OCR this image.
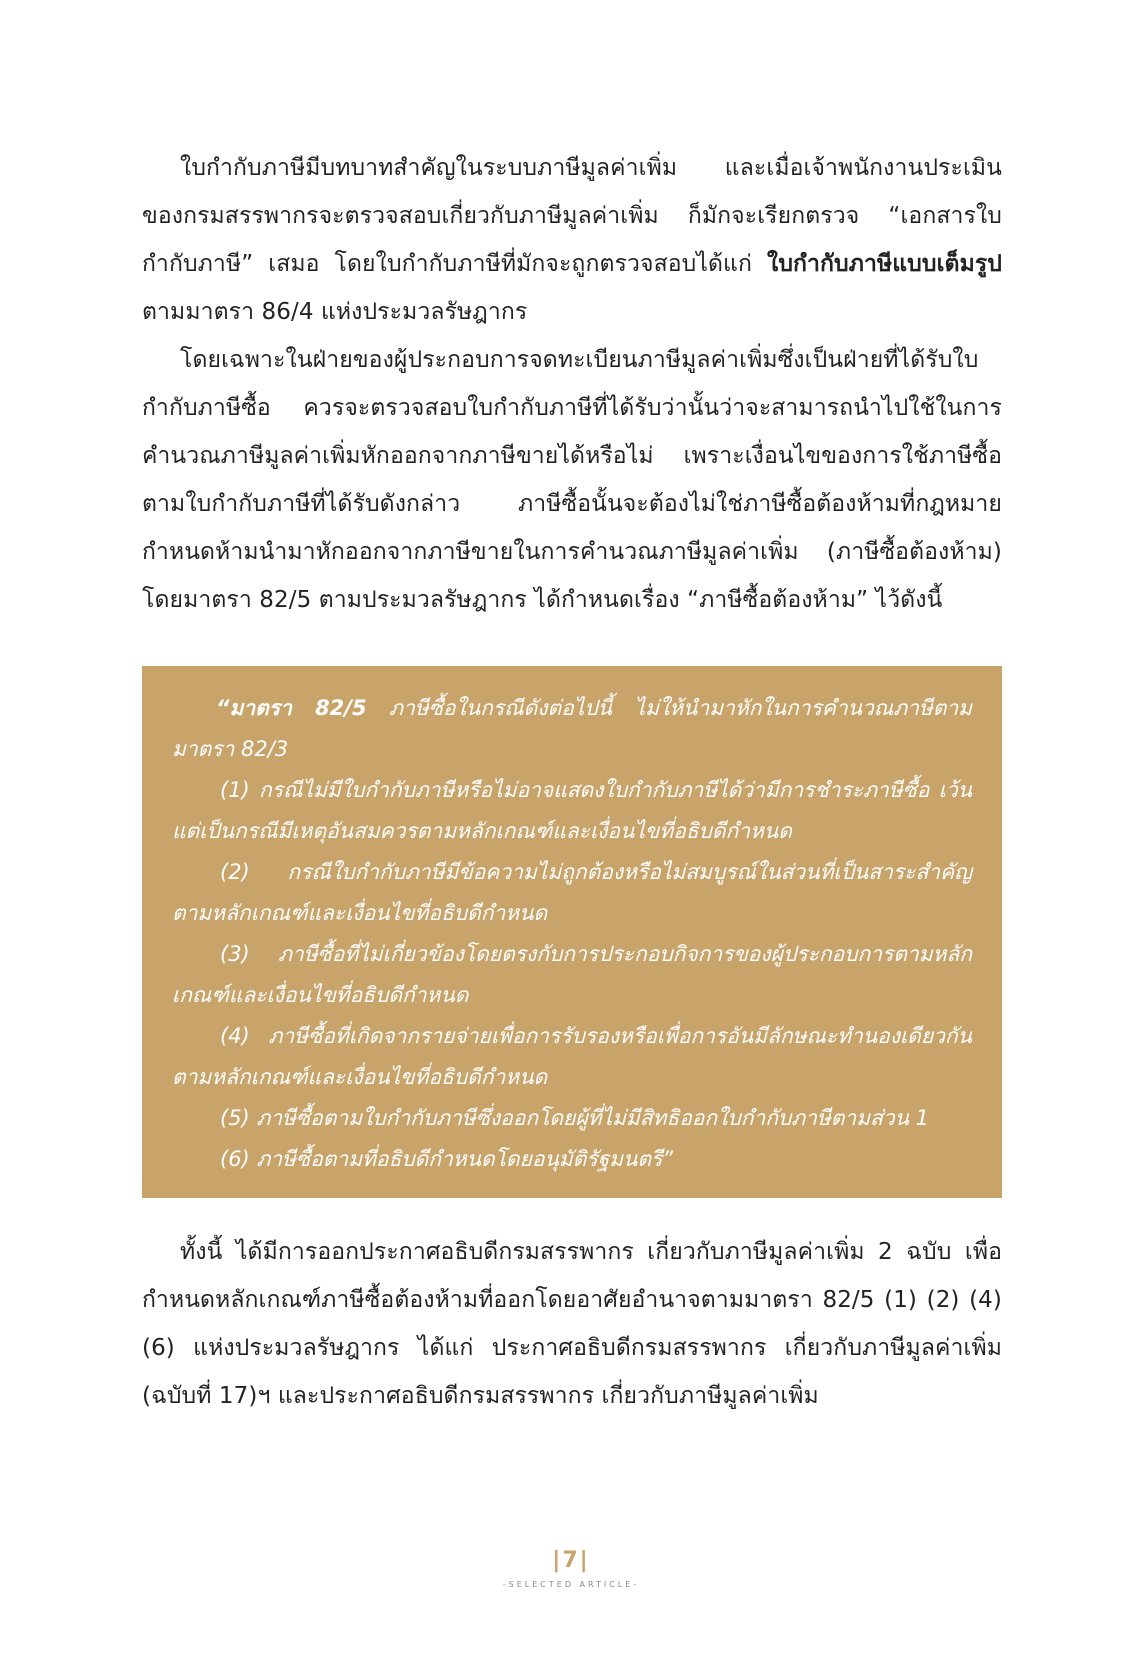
ใบกำกับภาษีมีบทบาทสำคัญในระบบภาษีมูลค่าเพิ่ม และเมื่อเจ้าพนักงานประเมินของกรมสรรพากรจะตรวจสอบเกี่ยวกับภาษีมูลค่าเพิ่ม ก็มักจะเรียกตรวจ “เอกสารใบกำกับภาษี” เสมอ โดยใบกำกับภาษีที่มักจะถูกตรวจสอบได้แก่ ใบกำกับภาษีแบบเต็มรูป ตามมาตรา 86/4 แห่งประมวลรัษฎากร

โดยเฉพาะในฝ่ายของผู้ประกอบการจดทะเบียนภาษีมูลค่าเพิ่มซึ่งเป็นฝ่ายที่ได้รับใบกำกับภาษีซื้อ ควรจะตรวจสอบใบกำกับภาษีที่ได้รับว่านั้นว่าจะสามารถนำไปใช้ในการคำนวณภาษีมูลค่าเพิ่มหักออกจากภาษีขายได้หรือไม่ เพราะเงื่อนไขของการใช้ภาษีซื้อตามใบกำกับภาษีที่ได้รับดังกล่าว ภาษีซื้อนั้นจะต้องไม่ใช่ภาษีซื้อต้องห้ามที่กฎหมายกำหนดห้ามนำมาหักออกจากภาษีขายในการคำนวณภาษีมูลค่าเพิ่ม (ภาษีซื้อต้องห้าม) โดยมาตรา 82/5 ตามประมวลรัษฎากร ได้กำหนดเรื่อง “ภาษีซื้อต้องห้าม” ไว้ดังนี้

“มาตรา 82/5 ภาษีซื้อในกรณีดังต่อไปนี้ ไม่ให้นำมาหักในการคำนวณภาษีตามมาตรา 82/3

(1) กรณีไม่มีใบกำกับภาษีหรือไม่อาจแสดงใบกำกับภาษีได้ว่ามีการชำระภาษีซื้อ เว้นแต่เป็นกรณีมีเหตุอันสมควรตามหลักเกณฑ์และเงื่อนไขที่อธิบดีกำหนด

(2) กรณีใบกำกับภาษีมีข้อความไม่ถูกต้องหรือไม่สมบูรณ์ในส่วนที่เป็นสาระสำคัญตามหลักเกณฑ์และเงื่อนไขที่อธิบดีกำหนด

(3) ภาษีซื้อที่ไม่เกี่ยวข้องโดยตรงกับการประกอบกิจการของผู้ประกอบการตามหลักเกณฑ์และเงื่อนไขที่อธิบดีกำหนด

(4) ภาษีซื้อที่เกิดจากรายจ่ายเพื่อการรับรองหรือเพื่อการอันมีลักษณะทำนองเดียวกันตามหลักเกณฑ์และเงื่อนไขที่อธิบดีกำหนด

(5) ภาษีซื้อตามใบกำกับภาษีซึ่งออกโดยผู้ที่ไม่มีสิทธิออกใบกำกับภาษีตามส่วน 1

(6) ภาษีซื้อตามที่อธิบดีกำหนดโดยอนุมัติรัฐมนตรี”

ทั้งนี้ ได้มีการออกประกาศอธิบดีกรมสรรพากร เกี่ยวกับภาษีมูลค่าเพิ่ม 2 ฉบับ เพื่อกำหนดหลักเกณฑ์ภาษีซื้อต้องห้ามที่ออกโดยอาศัยอำนาจตามมาตรา 82/5 (1) (2) (4) (6) แห่งประมวลรัษฎากร ได้แก่ ประกาศอธิบดีกรมสรรพากร เกี่ยวกับภาษีมูลค่าเพิ่ม (ฉบับที่ 17)ฯ และประกาศอธิบดีกรมสรรพากร เกี่ยวกับภาษีมูลค่าเพิ่ม

|7|
-SELECTED ARTICLE-
